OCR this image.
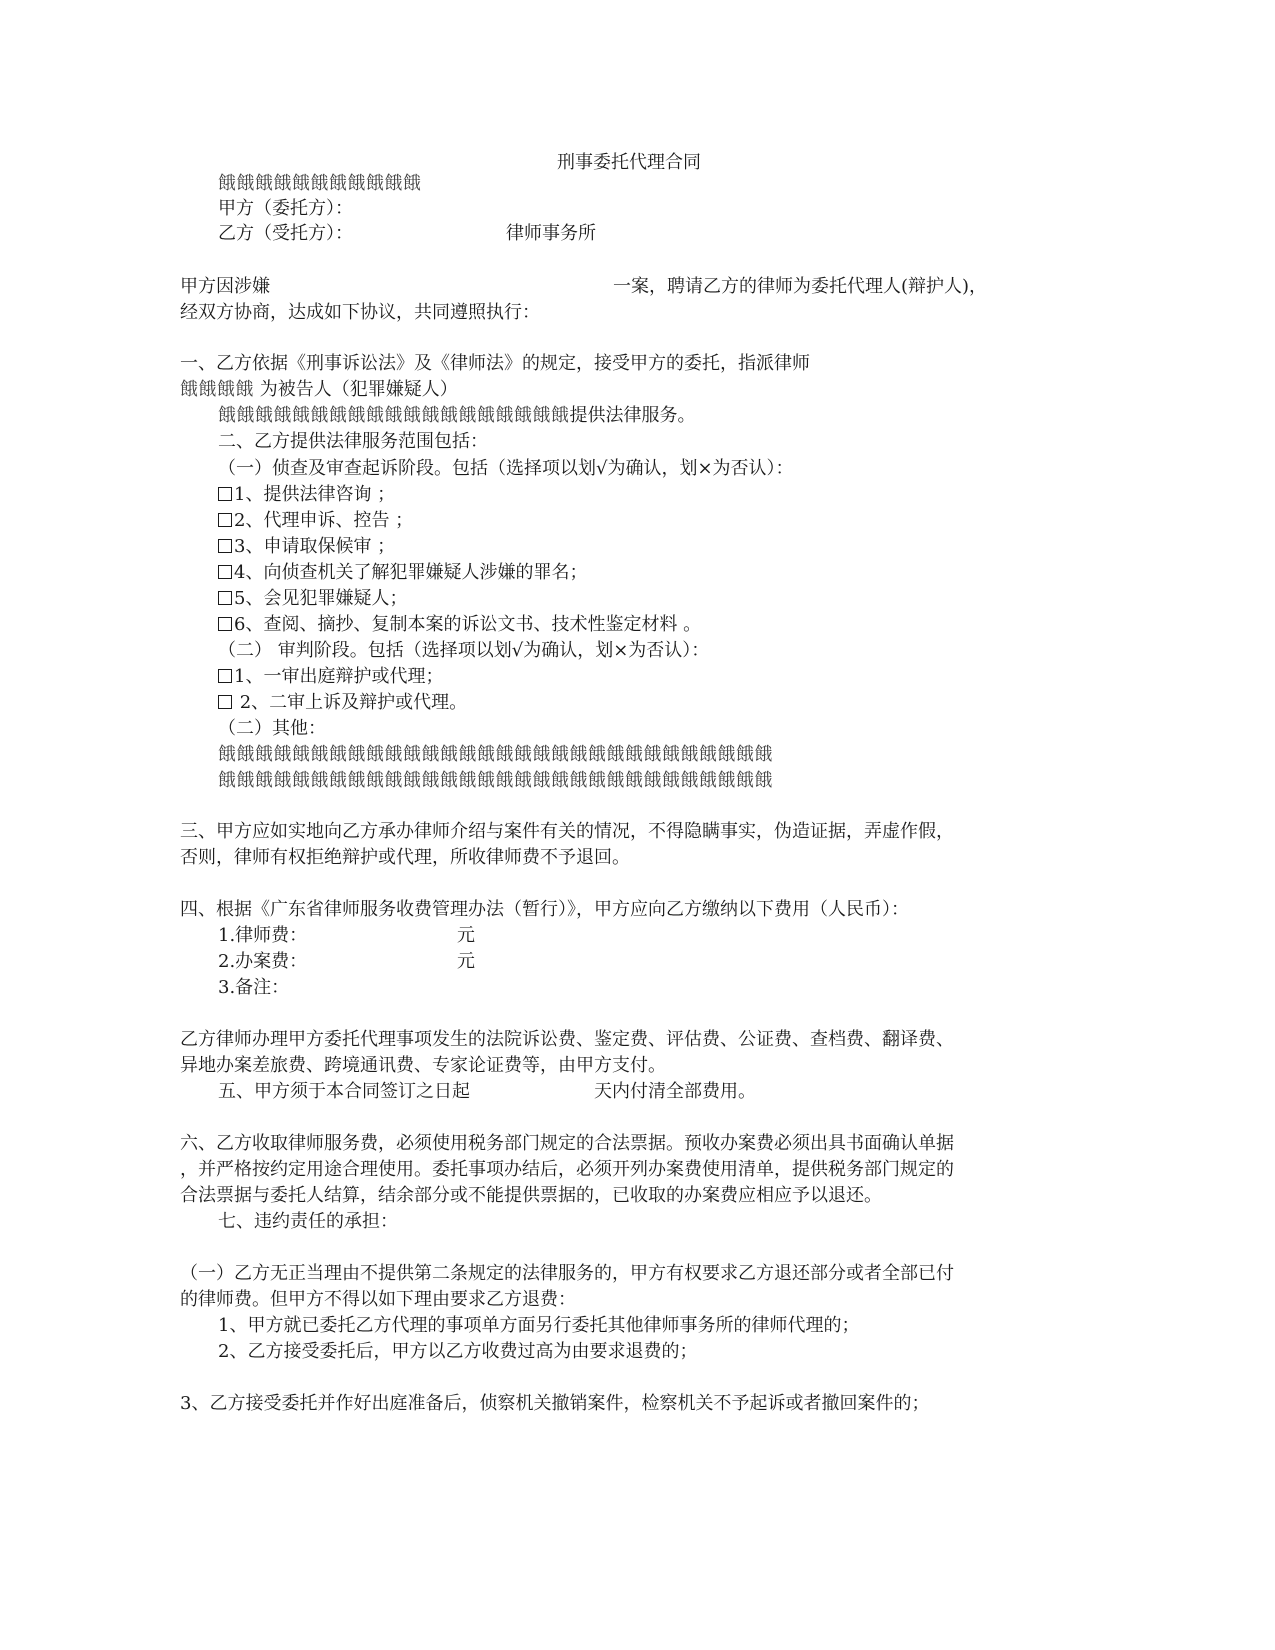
刑事委托代理合同
餓餓餓餓餓餓餓餓餓餓餓
甲方（委托方）：
乙方（受托方）：	律师事务所
甲方因涉嫌	一案，聘请乙方的律师为委托代理人(辩护人)，
经双方协商，达成如下协议，共同遵照执行：
一、乙方依据《刑事诉讼法》及《律师法》的规定，接受甲方的委托，指派律师
餓餓餓餓 为被告人（犯罪嫌疑人）
餓餓餓餓餓餓餓餓餓餓餓餓餓餓餓餓餓餓餓提供法律服务。
二、乙方提供法律服务范围包括：
（一）侦查及审查起诉阶段。包括（选择项以划√为确认，划×为否认）：
1、提供法律咨询 ；
2、代理申诉、控告 ；
3、申请取保候审 ；
4、向侦查机关了解犯罪嫌疑人涉嫌的罪名；
5、会见犯罪嫌疑人；
6、查阅、摘抄、复制本案的诉讼文书、技术性鉴定材料 。
（二） 审判阶段。包括（选择项以划√为确认，划×为否认）：
1、一审出庭辩护或代理；
2、二审上诉及辩护或代理。
（二）其他：
餓餓餓餓餓餓餓餓餓餓餓餓餓餓餓餓餓餓餓餓餓餓餓餓餓餓餓餓餓餓
餓餓餓餓餓餓餓餓餓餓餓餓餓餓餓餓餓餓餓餓餓餓餓餓餓餓餓餓餓餓
三、甲方应如实地向乙方承办律师介绍与案件有关的情况，不得隐瞒事实，伪造证据，弄虚作假，
否则，律师有权拒绝辩护或代理，所收律师费不予退回。
四、根据《广东省律师服务收费管理办法（暂行）》，甲方应向乙方缴纳以下费用（人民币）：
1.律师费：	元
2.办案费：	元
3.备注：
乙方律师办理甲方委托代理事项发生的法院诉讼费、鉴定费、评估费、公证费、查档费、翻译费、
异地办案差旅费、跨境通讯费、专家论证费等，由甲方支付。
五、甲方须于本合同签订之日起	天内付清全部费用。
六、乙方收取律师服务费，必须使用税务部门规定的合法票据。预收办案费必须出具书面确认单据
，并严格按约定用途合理使用。委托事项办结后，必须开列办案费使用清单，提供税务部门规定的
合法票据与委托人结算，结余部分或不能提供票据的，已收取的办案费应相应予以退还。
七、违约责任的承担：
（一）乙方无正当理由不提供第二条规定的法律服务的，甲方有权要求乙方退还部分或者全部已付
的律师费。但甲方不得以如下理由要求乙方退费：
1、甲方就已委托乙方代理的事项单方面另行委托其他律师事务所的律师代理的；
2、乙方接受委托后，甲方以乙方收费过高为由要求退费的；
3、乙方接受委托并作好出庭准备后，侦察机关撤销案件，检察机关不予起诉或者撤回案件的；
